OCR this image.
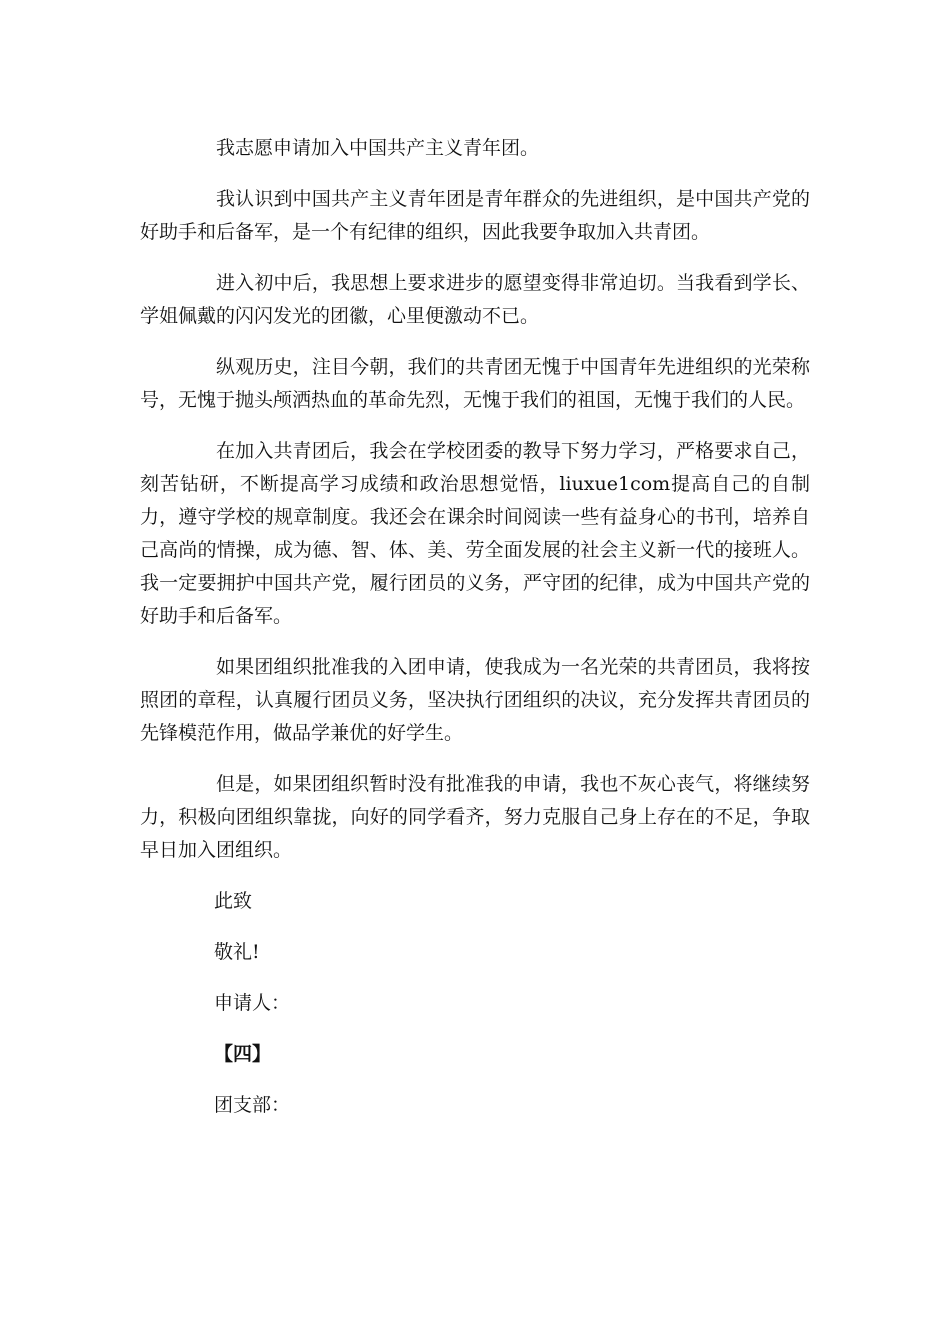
我志愿申请加入中国共产主义青年团。

我认识到中国共产主义青年团是青年群众的先进组织，是中国共产党的好助手和后备军，是一个有纪律的组织，因此我要争取加入共青团。

进入初中后，我思想上要求进步的愿望变得非常迫切。当我看到学长、学姐佩戴的闪闪发光的团徽，心里便激动不已。

纵观历史，注目今朝，我们的共青团无愧于中国青年先进组织的光荣称号，无愧于抛头颅洒热血的革命先烈，无愧于我们的祖国，无愧于我们的人民。

在加入共青团后，我会在学校团委的教导下努力学习，严格要求自己，刻苦钻研，不断提高学习成绩和政治思想觉悟，liuxue1com提高自己的自制力，遵守学校的规章制度。我还会在课余时间阅读一些有益身心的书刊，培养自己高尚的情操，成为德、智、体、美、劳全面发展的社会主义新一代的接班人。我一定要拥护中国共产党，履行团员的义务，严守团的纪律，成为中国共产党的好助手和后备军。

如果团组织批准我的入团申请，使我成为一名光荣的共青团员，我将按照团的章程，认真履行团员义务，坚决执行团组织的决议，充分发挥共青团员的先锋模范作用，做品学兼优的好学生。

但是，如果团组织暂时没有批准我的申请，我也不灰心丧气，将继续努力，积极向团组织靠拢，向好的同学看齐，努力克服自己身上存在的不足，争取早日加入团组织。

此致

敬礼!

申请人：

【四】

团支部：
